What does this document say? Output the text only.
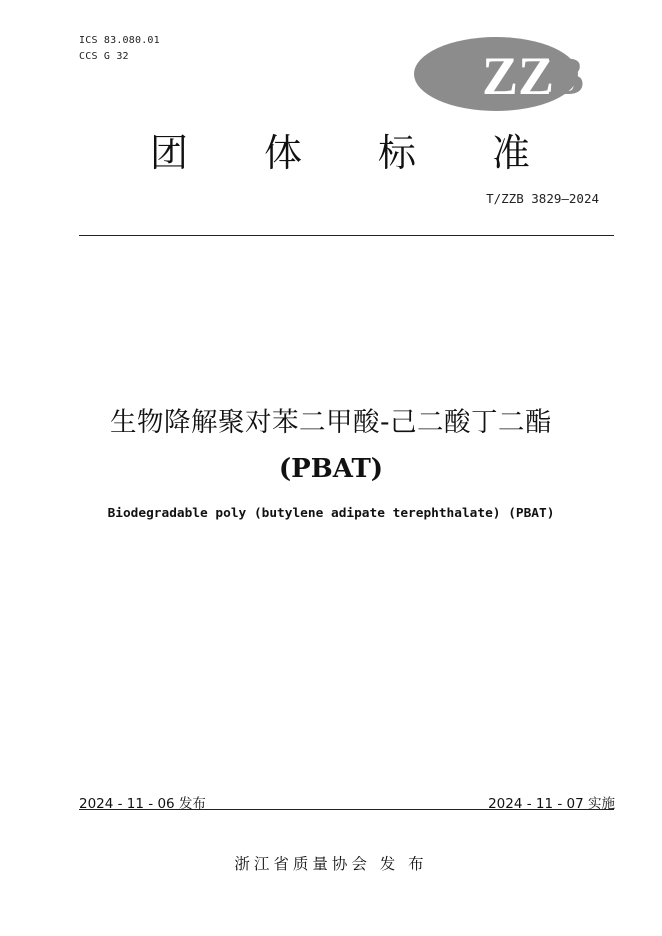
ICS 83.080.01
CCS G 32	ZZ
B
团 体 标 准
T/ZZB 3829—2024
生物降解聚对苯二甲酸-己二酸丁二酯
(PBAT)
Biodegradable poly (butylene adipate terephthalate) (PBAT)
2024 - 11 - 06 发布	2024 - 11 - 07 实施
浙江省质量协会 发 布
